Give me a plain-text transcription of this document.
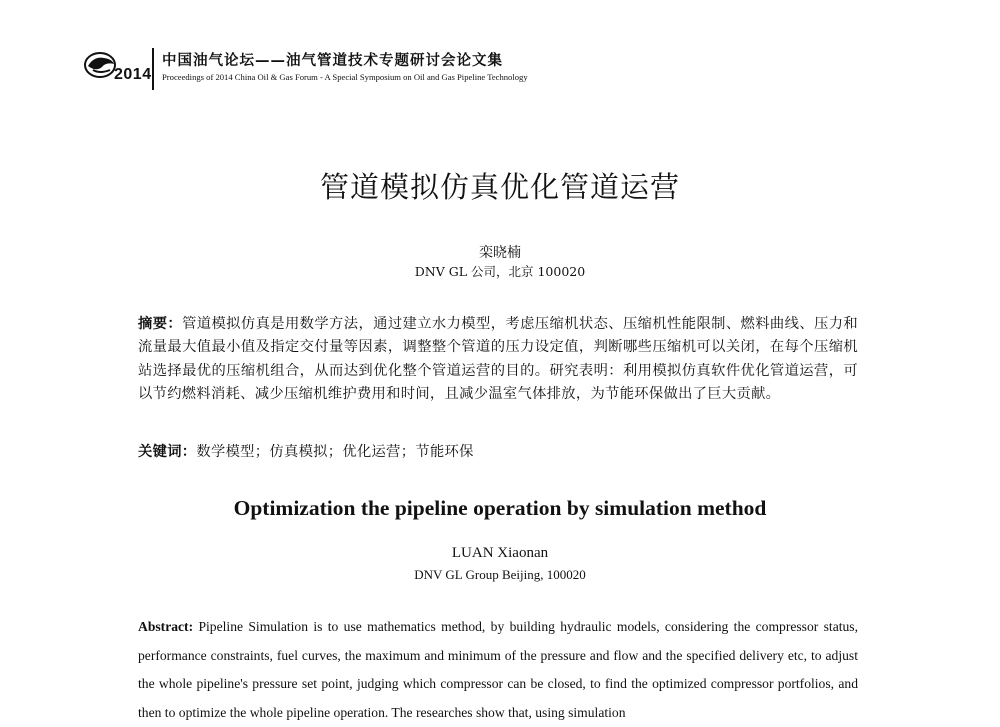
2014
中国油气论坛——油气管道技术专题研讨会论文集
Proceedings of 2014 China Oil & Gas Forum - A Special Symposium on Oil and Gas Pipeline Technology
管道模拟仿真优化管道运营
栾晓楠
DNV GL 公司，北京 100020
摘要：管道模拟仿真是用数学方法，通过建立水力模型，考虑压缩机状态、压缩机性能限制、燃料曲线、压力和流量最大值最小值及指定交付量等因素，调整整个管道的压力设定值，判断哪些压缩机可以关闭，在每个压缩机站选择最优的压缩机组合，从而达到优化整个管道运营的目的。研究表明：利用模拟仿真软件优化管道运营，可以节约燃料消耗、减少压缩机维护费用和时间，且减少温室气体排放，为节能环保做出了巨大贡献。
关键词：数学模型；仿真模拟；优化运营；节能环保
Optimization the pipeline operation by simulation method
LUAN Xiaonan
DNV GL Group Beijing, 100020
Abstract: Pipeline Simulation is to use mathematics method, by building hydraulic models, considering the compressor status, performance constraints, fuel curves, the maximum and minimum of the pressure and flow and the specified delivery etc, to adjust the whole pipeline's pressure set point, judging which compressor can be closed, to find the optimized compressor portfolios, and then to optimize the whole pipeline operation. The researches show that, using simulation
